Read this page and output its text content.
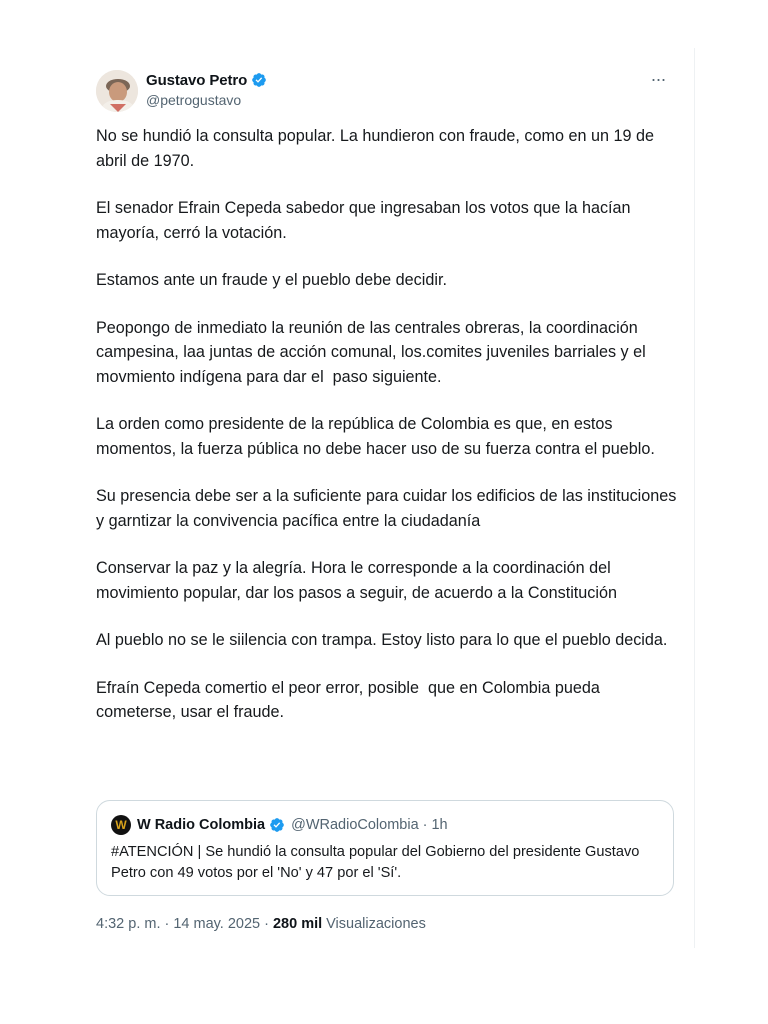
Gustavo Petro
@petrogustavo
···

No se hundió la consulta popular. La hundieron con fraude, como en un 19 de abril de 1970.

El senador Efrain Cepeda sabedor que ingresaban los votos que la hacían mayoría, cerró la votación.

Estamos ante un fraude y el pueblo debe decidir.

Peopongo de inmediato la reunión de las centrales obreras, la coordinación campesina, laa juntas de acción comunal, los.comites juveniles barriales y el movmiento indígena para dar el  paso siguiente.

La orden como presidente de la república de Colombia es que, en estos momentos, la fuerza pública no debe hacer uso de su fuerza contra el pueblo.

Su presencia debe ser a la suficiente para cuidar los edificios de las instituciones y garntizar la convivencia pacífica entre la ciudadanía

Conservar la paz y la alegría. Hora le corresponde a la coordinación del movimiento popular, dar los pasos a seguir, de acuerdo a la Constitución

Al pueblo no se le siilencia con trampa. Estoy listo para lo que el pueblo decida.

Efraín Cepeda comertio el peor error, posible  que en Colombia pueda cometerse, usar el fraude.

W W Radio Colombia @WRadioColombia · 1h
#ATENCIÓN | Se hundió la consulta popular del Gobierno del presidente Gustavo Petro con 49 votos por el 'No' y 47 por el 'Sí'.
4:32 p. m. · 14 may. 2025 · 280 mil Visualizaciones
